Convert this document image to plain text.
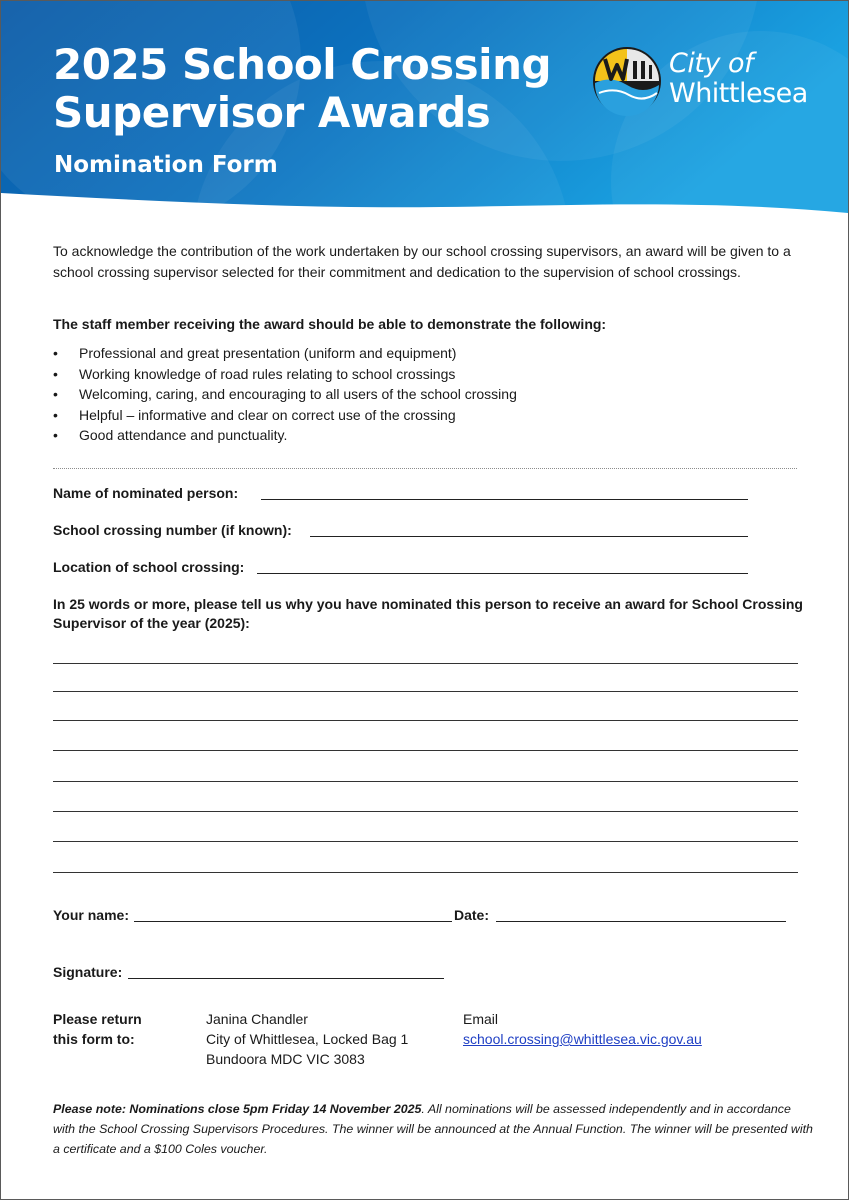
2025 School Crossing
Supervisor Awards
Nomination Form
City of
Whittlesea

To acknowledge the contribution of the work undertaken by our school crossing supervisors, an award will be given to a school crossing supervisor selected for their commitment and dedication to the supervision of school crossings.

The staff member receiving the award should be able to demonstrate the following:

• Professional and great presentation (uniform and equipment)
• Working knowledge of road rules relating to school crossings
• Welcoming, caring, and encouraging to all users of the school crossing
• Helpful – informative and clear on correct use of the crossing
• Good attendance and punctuality.
Name of nominated person:
School crossing number (if known):
Location of school crossing:

In 25 words or more, please tell us why you have nominated this person to receive an award for School Crossing Supervisor of the year (2025):

Your name:	Date:
Signature:
Please return
this form to:
Janina Chandler
City of Whittlesea, Locked Bag 1
Bundoora MDC VIC 3083
Email
school.crossing@whittlesea.vic.gov.au

Please note: Nominations close 5pm Friday 14 November 2025. All nominations will be assessed independently and in accordance with the School Crossing Supervisors Procedures. The winner will be announced at the Annual Function. The winner will be presented with a certificate and a $100 Coles voucher.
